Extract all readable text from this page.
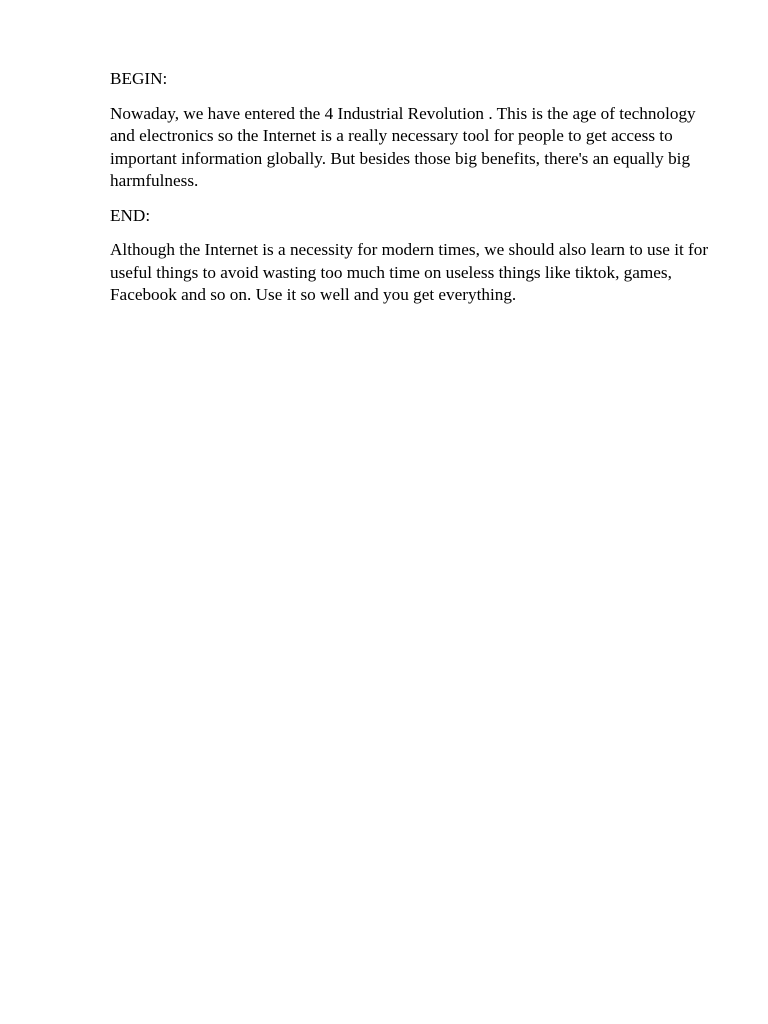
BEGIN:

Nowaday, we have entered the 4 Industrial Revolution . This is the age of technology and electronics so the Internet is a really necessary tool for people to get access to important information globally. But besides those big benefits, there's an equally big harmfulness.

END:

Although the Internet is a necessity for modern times, we should also learn to use it for useful things to avoid wasting too much time on useless things like tiktok, games, Facebook and so on. Use it so well and you get everything.
